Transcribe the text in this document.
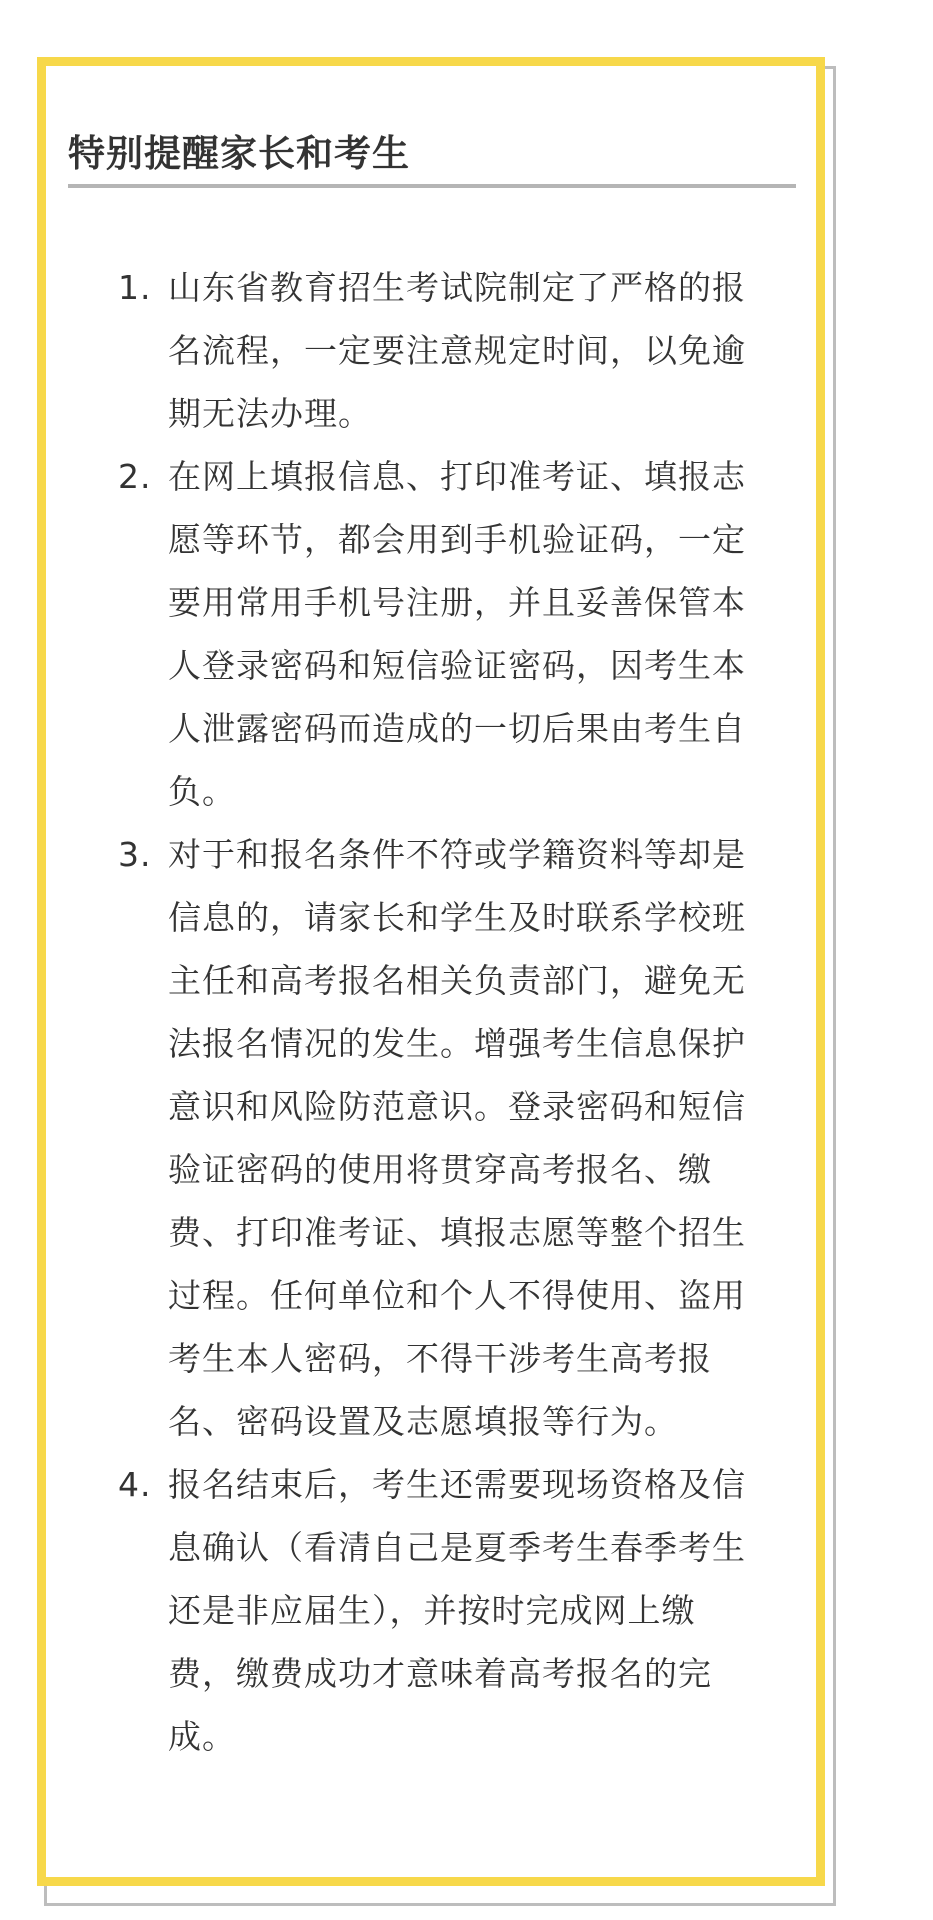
特别提醒家长和考生
1. 山东省教育招生考试院制定了严格的报名流程，一定要注意规定时间，以免逾期无法办理。
2. 在网上填报信息、打印准考证、填报志愿等环节，都会用到手机验证码，一定要用常用手机号注册，并且妥善保管本人登录密码和短信验证密码，因考生本人泄露密码而造成的一切后果由考生自负。
3. 对于和报名条件不符或学籍资料等却是信息的，请家长和学生及时联系学校班主任和高考报名相关负责部门，避免无法报名情况的发生。增强考生信息保护意识和风险防范意识。登录密码和短信验证密码的使用将贯穿高考报名、缴费、打印准考证、填报志愿等整个招生过程。任何单位和个人不得使用、盗用考生本人密码，不得干涉考生高考报名、密码设置及志愿填报等行为。
4. 报名结束后，考生还需要现场资格及信息确认（看清自己是夏季考生春季考生还是非应届生），并按时完成网上缴费，缴费成功才意味着高考报名的完成。
